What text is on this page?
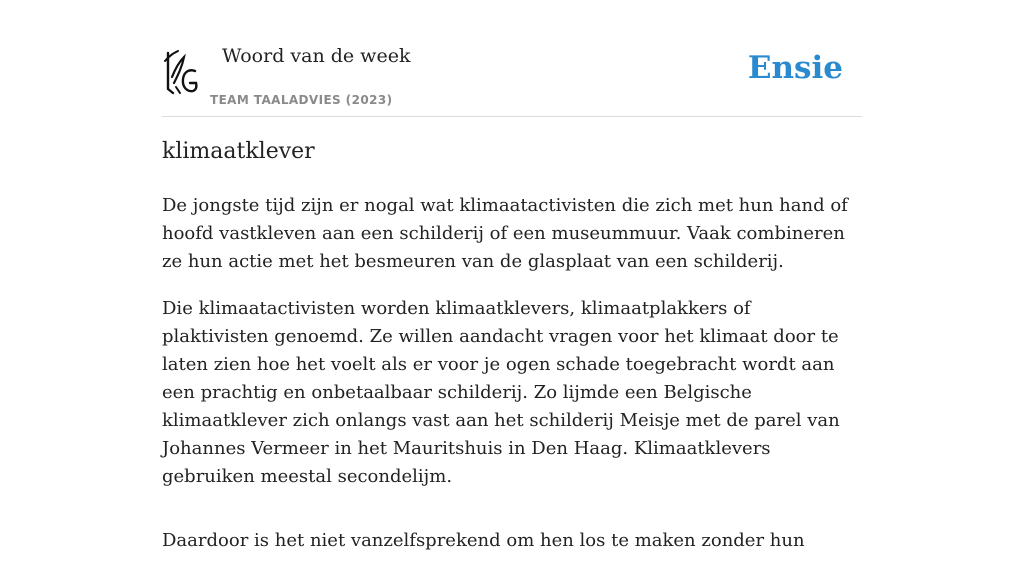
Woord van de week
TEAM TAALADVIES (2023)
Ensie
klimaatklever

De jongste tijd zijn er nogal wat klimaatactivisten die zich met hun hand of hoofd vastkleven aan een schilderij of een museummuur. Vaak combineren ze hun actie met het besmeuren van de glasplaat van een schilderij.

Die klimaatactivisten worden klimaatklevers, klimaatplakkers of plaktivisten genoemd. Ze willen aandacht vragen voor het klimaat door te laten zien hoe het voelt als er voor je ogen schade toegebracht wordt aan een prachtig en onbetaalbaar schilderij. Zo lijmde een Belgische klimaatklever zich onlangs vast aan het schilderij Meisje met de parel van Johannes Vermeer in het Mauritshuis in Den Haag. Klimaatklevers gebruiken meestal secondelijm.

Daardoor is het niet vanzelfsprekend om hen los te maken zonder hun
